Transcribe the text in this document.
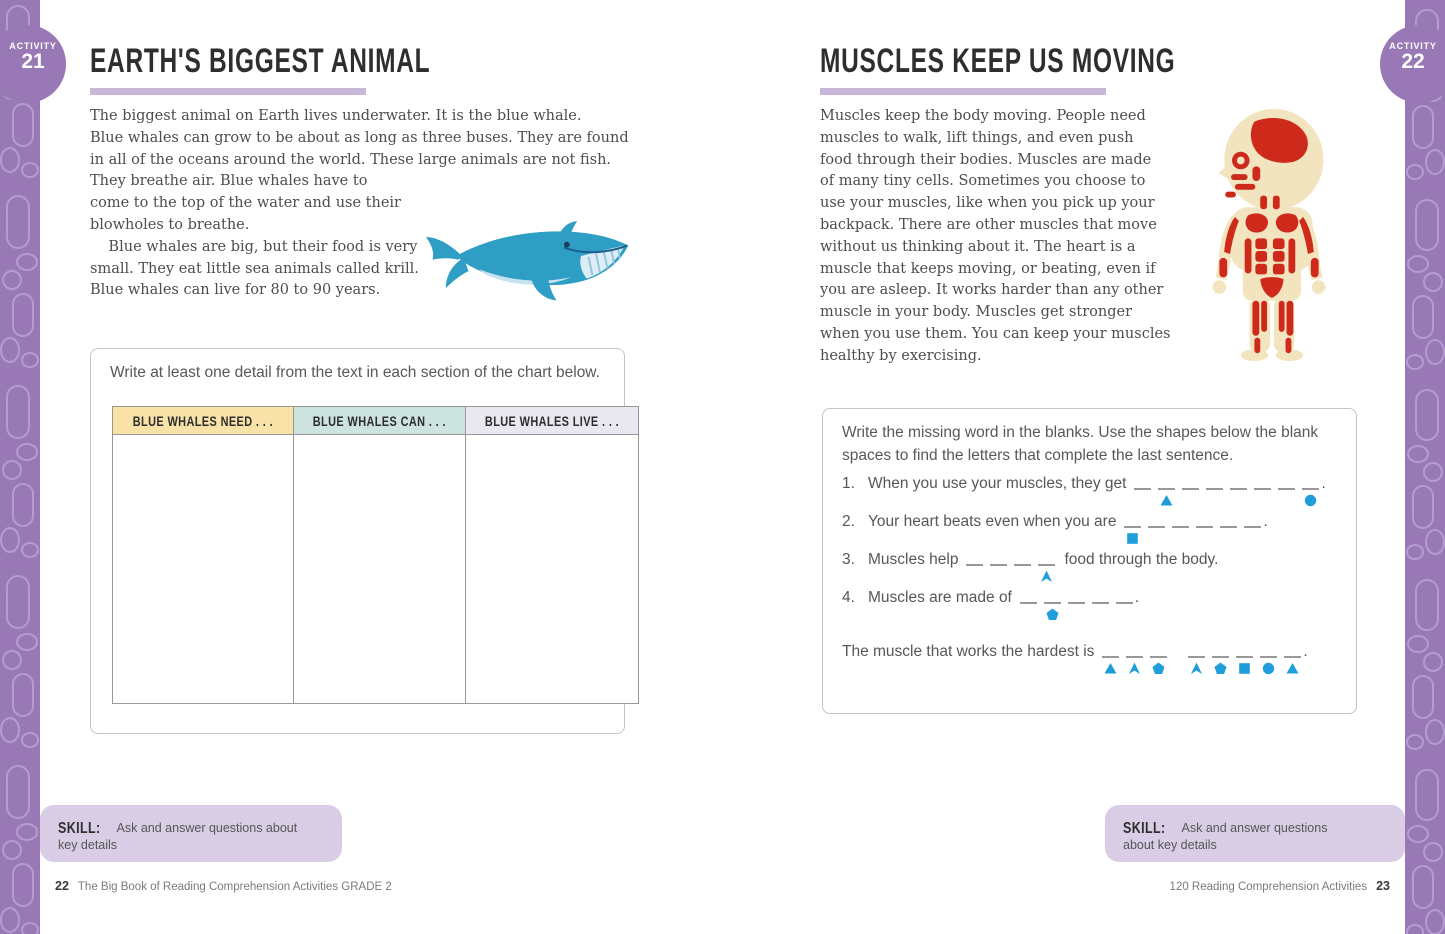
ACTIVITY
21	EARTH'S BIGGEST ANIMAL
The biggest animal on Earth lives underwater. It is the blue whale.
Blue whales can grow to be about as long as three buses. They are found
in all of the oceans around the world. These large animals are not fish.
They breathe air. Blue whales have to
come to the top of the water and use their
blowholes to breathe.
Blue whales are big, but their food is very
small. They eat little sea animals called krill.
Blue whales can live for 80 to 90 years.
Write at least one detail from the text in each section of the chart below.
BLUE WHALES NEED . . .	BLUE WHALES CAN . . .	BLUE WHALES LIVE . . .
SKILL: Ask and answer questions about key details
22 The Big Book of Reading Comprehension Activities GRADE 2
ACTIVITY
22
MUSCLES KEEP US MOVING
Muscles keep the body moving. People need
muscles to walk, lift things, and even push
food through their bodies. Muscles are made
of many tiny cells. Sometimes you choose to
use your muscles, like when you pick up your
backpack. There are other muscles that move
without us thinking about it. The heart is a
muscle that keeps moving, or beating, even if
you are asleep. It works harder than any other
muscle in your body. Muscles get stronger
when you use them. You can keep your muscles
healthy by exercising.
Write the missing word in the blanks. Use the shapes below the blank
spaces to find the letters that complete the last sentence.
1. When you use your muscles, they get	.
2. Your heart beats even when you are	.
3. Muscles help	food through the body.
4. Muscles are made of	.
The muscle that works the hardest is	.
SKILL: Ask and answer questions about key details
120 Reading Comprehension Activities 23
